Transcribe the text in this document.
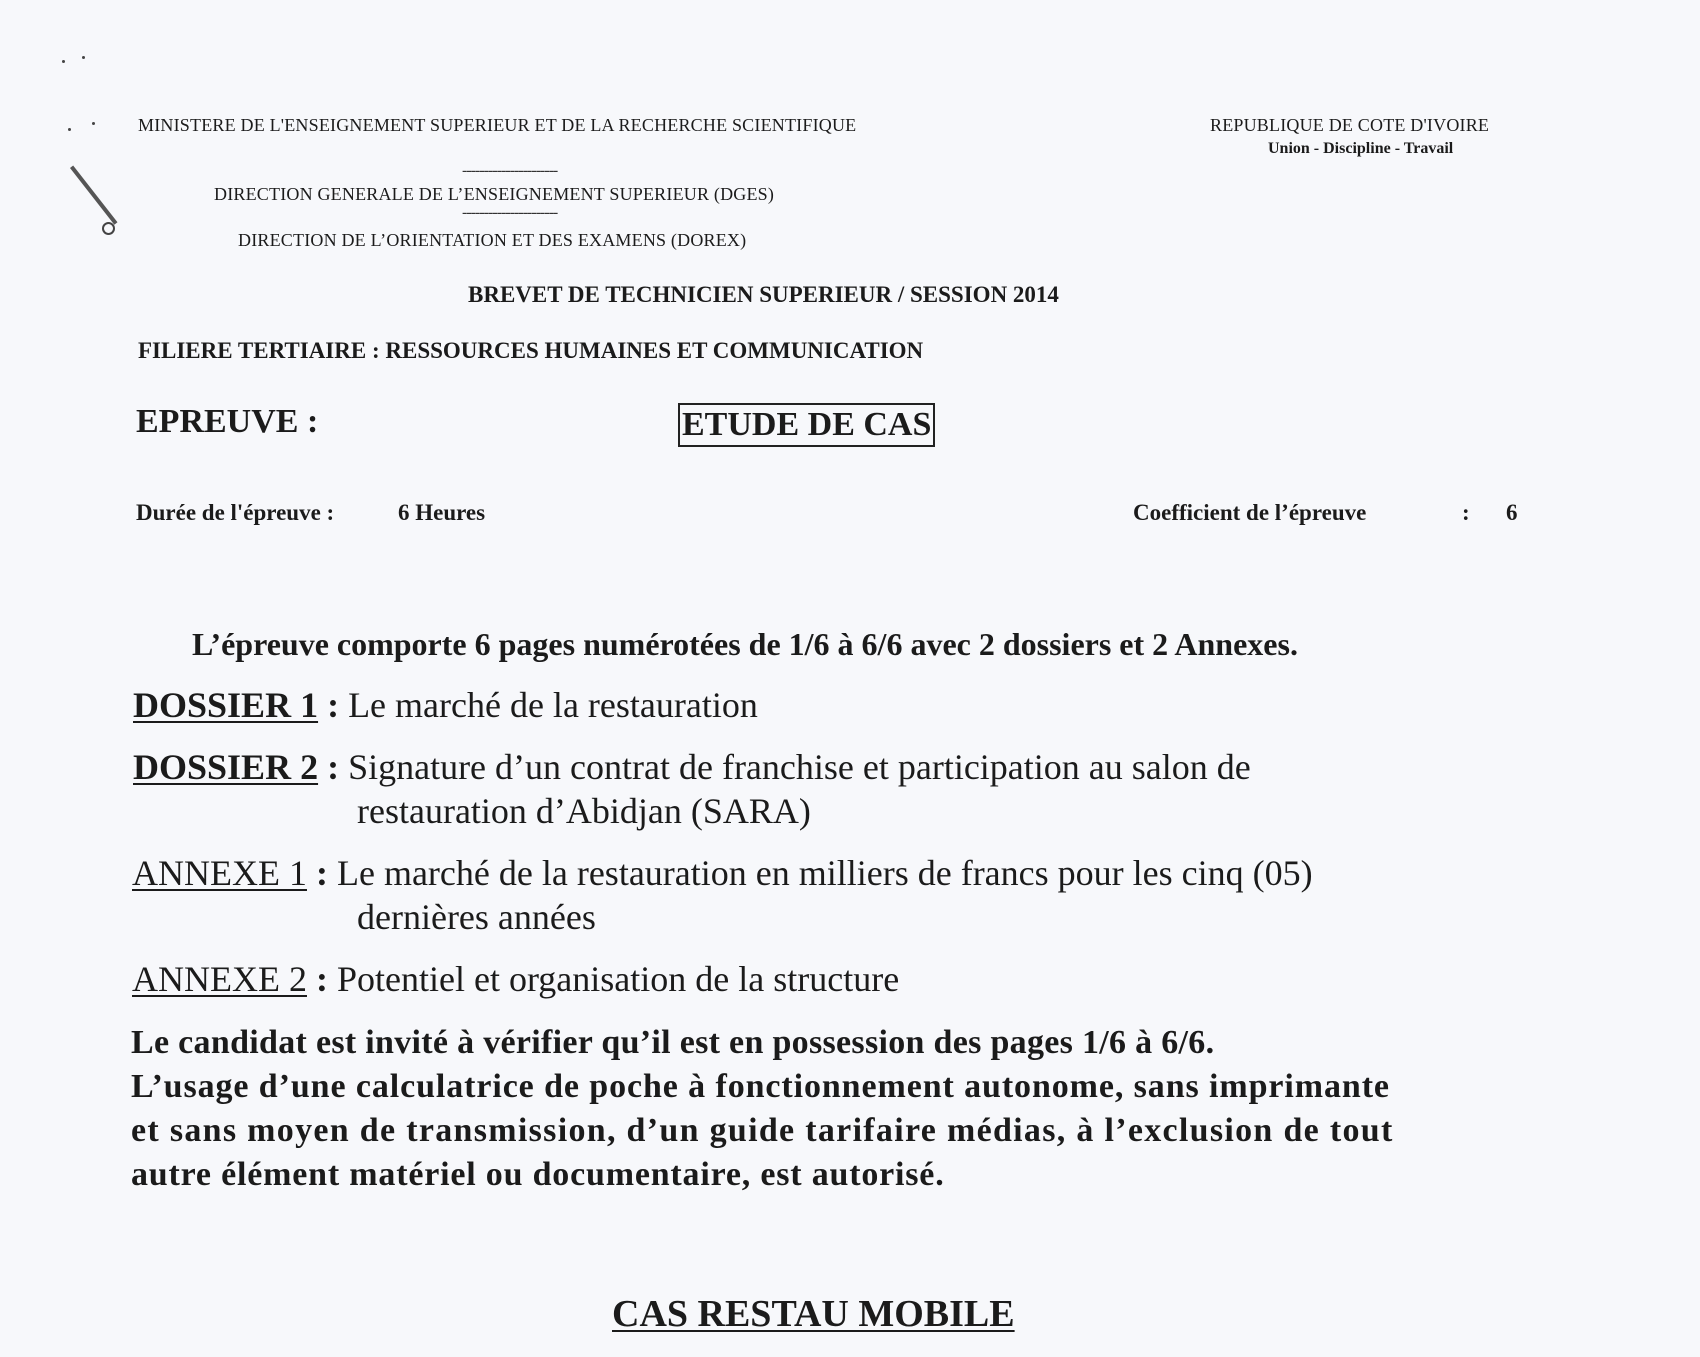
MINISTERE DE L'ENSEIGNEMENT SUPERIEUR ET DE LA RECHERCHE SCIENTIFIQUE	REPUBLIQUE DE COTE D'IVOIRE
Union - Discipline - Travail
----------------------
DIRECTION GENERALE DE L’ENSEIGNEMENT SUPERIEUR (DGES)
----------------------
DIRECTION DE L’ORIENTATION ET DES EXAMENS (DOREX)
BREVET DE TECHNICIEN SUPERIEUR / SESSION 2014
FILIERE TERTIAIRE : RESSOURCES HUMAINES ET COMMUNICATION
EPREUVE :	ETUDE DE CAS
Durée de l'épreuve :	6 Heures	Coefficient de l’épreuve	: 6
L’épreuve comporte 6 pages numérotées de 1/6 à 6/6 avec 2 dossiers et 2 Annexes.
DOSSIER 1 : Le marché de la restauration
DOSSIER 2 : Signature d’un contrat de franchise et participation au salon de
restauration d’Abidjan (SARA)
ANNEXE 1 : Le marché de la restauration en milliers de francs pour les cinq (05)
dernières années
ANNEXE 2 : Potentiel et organisation de la structure
Le candidat est invité à vérifier qu’il est en possession des pages 1/6 à 6/6.
L’usage d’une calculatrice de poche à fonctionnement autonome, sans imprimante
et sans moyen de transmission, d’un guide tarifaire médias, à l’exclusion de tout
autre élément matériel ou documentaire, est autorisé.
CAS RESTAU MOBILE
